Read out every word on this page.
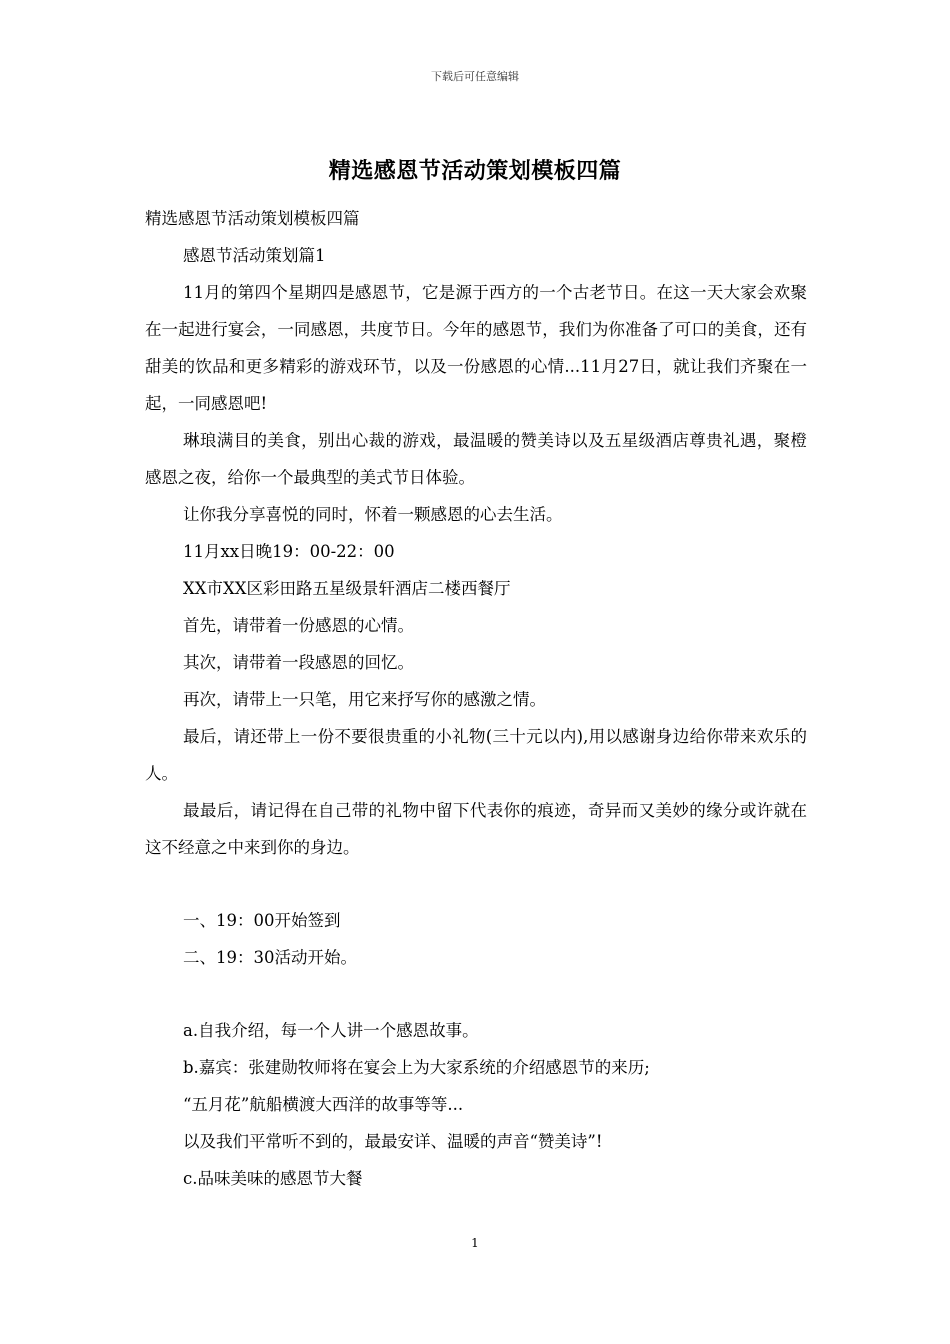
下载后可任意编辑
精选感恩节活动策划模板四篇
精选感恩节活动策划模板四篇
感恩节活动策划篇1
11月的第四个星期四是感恩节，它是源于西方的一个古老节日。在这一天大家会欢聚在一起进行宴会，一同感恩，共度节日。今年的感恩节，我们为你准备了可口的美食，还有甜美的饮品和更多精彩的游戏环节，以及一份感恩的心情...11月27日，就让我们齐聚在一起，一同感恩吧!
琳琅满目的美食，别出心裁的游戏，最温暖的赞美诗以及五星级酒店尊贵礼遇，聚橙感恩之夜，给你一个最典型的美式节日体验。
让你我分享喜悦的同时，怀着一颗感恩的心去生活。
11月xx日晚19：00-22：00
XX市XX区彩田路五星级景轩酒店二楼西餐厅
首先，请带着一份感恩的心情。
其次，请带着一段感恩的回忆。
再次，请带上一只笔，用它来抒写你的感激之情。
最后，请还带上一份不要很贵重的小礼物(三十元以内),用以感谢身边给你带来欢乐的人。
最最后，请记得在自己带的礼物中留下代表你的痕迹，奇异而又美妙的缘分或许就在这不经意之中来到你的身边。
一、19：00开始签到
二、19：30活动开始。
a.自我介绍，每一个人讲一个感恩故事。
b.嘉宾：张建勋牧师将在宴会上为大家系统的介绍感恩节的来历;
“五月花”航船横渡大西洋的故事等等...
以及我们平常听不到的，最最安详、温暖的声音“赞美诗”!
c.品味美味的感恩节大餐
1
